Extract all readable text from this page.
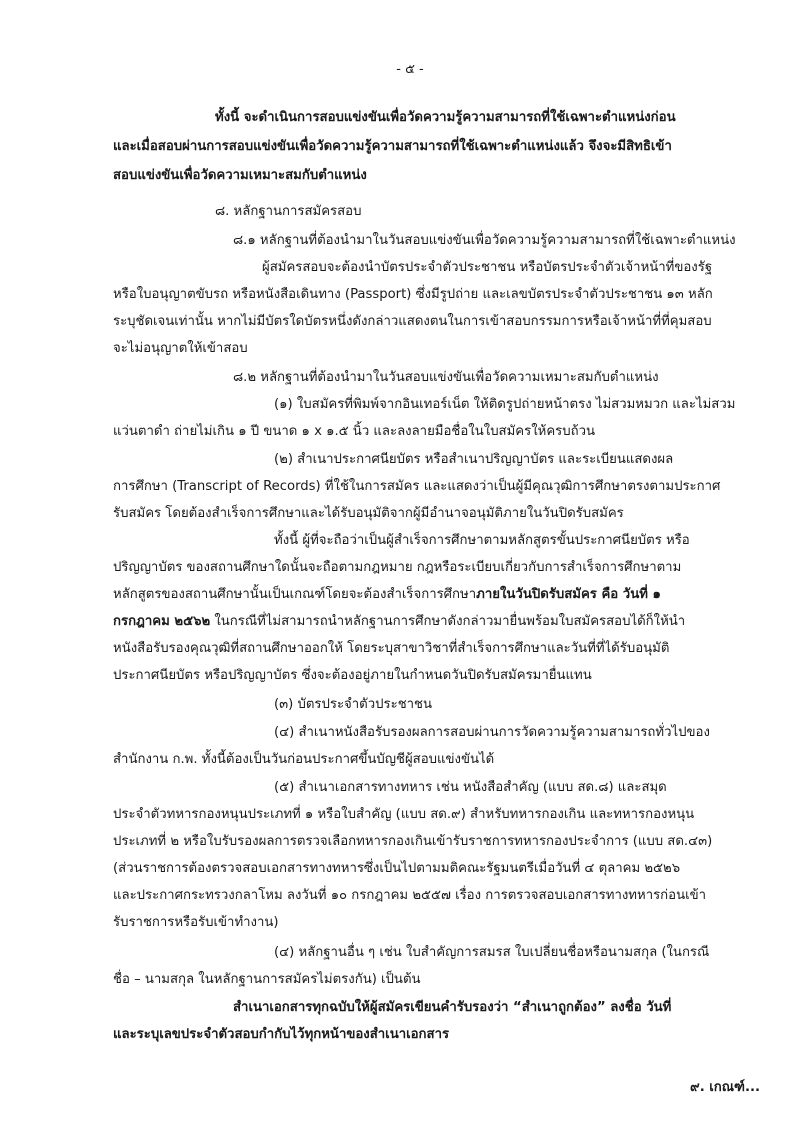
- ๕ -
ทั้งนี้ จะดำเนินการสอบแข่งขันเพื่อวัดความรู้ความสามารถที่ใช้เฉพาะตำแหน่งก่อน
และเมื่อสอบผ่านการสอบแข่งขันเพื่อวัดความรู้ความสามารถที่ใช้เฉพาะตำแหน่งแล้ว จึงจะมีสิทธิเข้า
สอบแข่งขันเพื่อวัดความเหมาะสมกับตำแหน่ง
๘. หลักฐานการสมัครสอบ
๘.๑ หลักฐานที่ต้องนำมาในวันสอบแข่งขันเพื่อวัดความรู้ความสามารถที่ใช้เฉพาะตำแหน่ง
ผู้สมัครสอบจะต้องนำบัตรประจำตัวประชาชน หรือบัตรประจำตัวเจ้าหน้าที่ของรัฐ
หรือใบอนุญาตขับรถ หรือหนังสือเดินทาง (Passport) ซึ่งมีรูปถ่าย และเลขบัตรประจำตัวประชาชน ๑๓ หลัก
ระบุชัดเจนเท่านั้น หากไม่มีบัตรใดบัตรหนึ่งดังกล่าวแสดงตนในการเข้าสอบกรรมการหรือเจ้าหน้าที่ที่คุมสอบ
จะไม่อนุญาตให้เข้าสอบ
๘.๒ หลักฐานที่ต้องนำมาในวันสอบแข่งขันเพื่อวัดความเหมาะสมกับตำแหน่ง
(๑) ใบสมัครที่พิมพ์จากอินเทอร์เน็ต ให้ติดรูปถ่ายหน้าตรง ไม่สวมหมวก และไม่สวม
แว่นตาดำ ถ่ายไม่เกิน ๑ ปี ขนาด ๑ x ๑.๕ นิ้ว และลงลายมือชื่อในใบสมัครให้ครบถ้วน
(๒) สำเนาประกาศนียบัตร หรือสำเนาปริญญาบัตร และระเบียนแสดงผล
การศึกษา (Transcript of Records) ที่ใช้ในการสมัคร และแสดงว่าเป็นผู้มีคุณวุฒิการศึกษาตรงตามประกาศ
รับสมัคร โดยต้องสำเร็จการศึกษาและได้รับอนุมัติจากผู้มีอำนาจอนุมัติภายในวันปิดรับสมัคร
ทั้งนี้ ผู้ที่จะถือว่าเป็นผู้สำเร็จการศึกษาตามหลักสูตรขั้นประกาศนียบัตร หรือ
ปริญญาบัตร ของสถานศึกษาใดนั้นจะถือตามกฎหมาย กฎหรือระเบียบเกี่ยวกับการสำเร็จการศึกษาตาม
หลักสูตรของสถานศึกษานั้นเป็นเกณฑ์โดยจะต้องสำเร็จการศึกษาภายในวันปิดรับสมัคร คือ วันที่ ๑
กรกฎาคม ๒๕๖๒ ในกรณีที่ไม่สามารถนำหลักฐานการศึกษาดังกล่าวมายื่นพร้อมใบสมัครสอบได้ก็ให้นำ
หนังสือรับรองคุณวุฒิที่สถานศึกษาออกให้ โดยระบุสาขาวิชาที่สำเร็จการศึกษาและวันที่ที่ได้รับอนุมัติ
ประกาศนียบัตร หรือปริญญาบัตร ซึ่งจะต้องอยู่ภายในกำหนดวันปิดรับสมัครมายื่นแทน
(๓) บัตรประจำตัวประชาชน
(๔) สำเนาหนังสือรับรองผลการสอบผ่านการวัดความรู้ความสามารถทั่วไปของ
สำนักงาน ก.พ. ทั้งนี้ต้องเป็นวันก่อนประกาศขึ้นบัญชีผู้สอบแข่งขันได้
(๕) สำเนาเอกสารทางทหาร เช่น หนังสือสำคัญ (แบบ สด.๘) และสมุด
ประจำตัวทหารกองหนุนประเภทที่ ๑ หรือใบสำคัญ (แบบ สด.๙) สำหรับทหารกองเกิน และทหารกองหนุน
ประเภทที่ ๒ หรือใบรับรองผลการตรวจเลือกทหารกองเกินเข้ารับราชการทหารกองประจำการ (แบบ สด.๔๓)
(ส่วนราชการต้องตรวจสอบเอกสารทางทหารซึ่งเป็นไปตามมติคณะรัฐมนตรีเมื่อวันที่ ๔ ตุลาคม ๒๕๒๖
และประกาศกระทรวงกลาโหม ลงวันที่ ๑๐ กรกฎาคม ๒๕๕๗ เรื่อง การตรวจสอบเอกสารทางทหารก่อนเข้า
รับราชการหรือรับเข้าทำงาน)
(๔) หลักฐานอื่น ๆ เช่น ใบสำคัญการสมรส ใบเปลี่ยนชื่อหรือนามสกุล (ในกรณี
ชื่อ – นามสกุล ในหลักฐานการสมัครไม่ตรงกัน) เป็นต้น
สำเนาเอกสารทุกฉบับให้ผู้สมัครเขียนคำรับรองว่า “สำเนาถูกต้อง” ลงชื่อ วันที่
และระบุเลขประจำตัวสอบกำกับไว้ทุกหน้าของสำเนาเอกสาร
๙. เกณฑ์...
